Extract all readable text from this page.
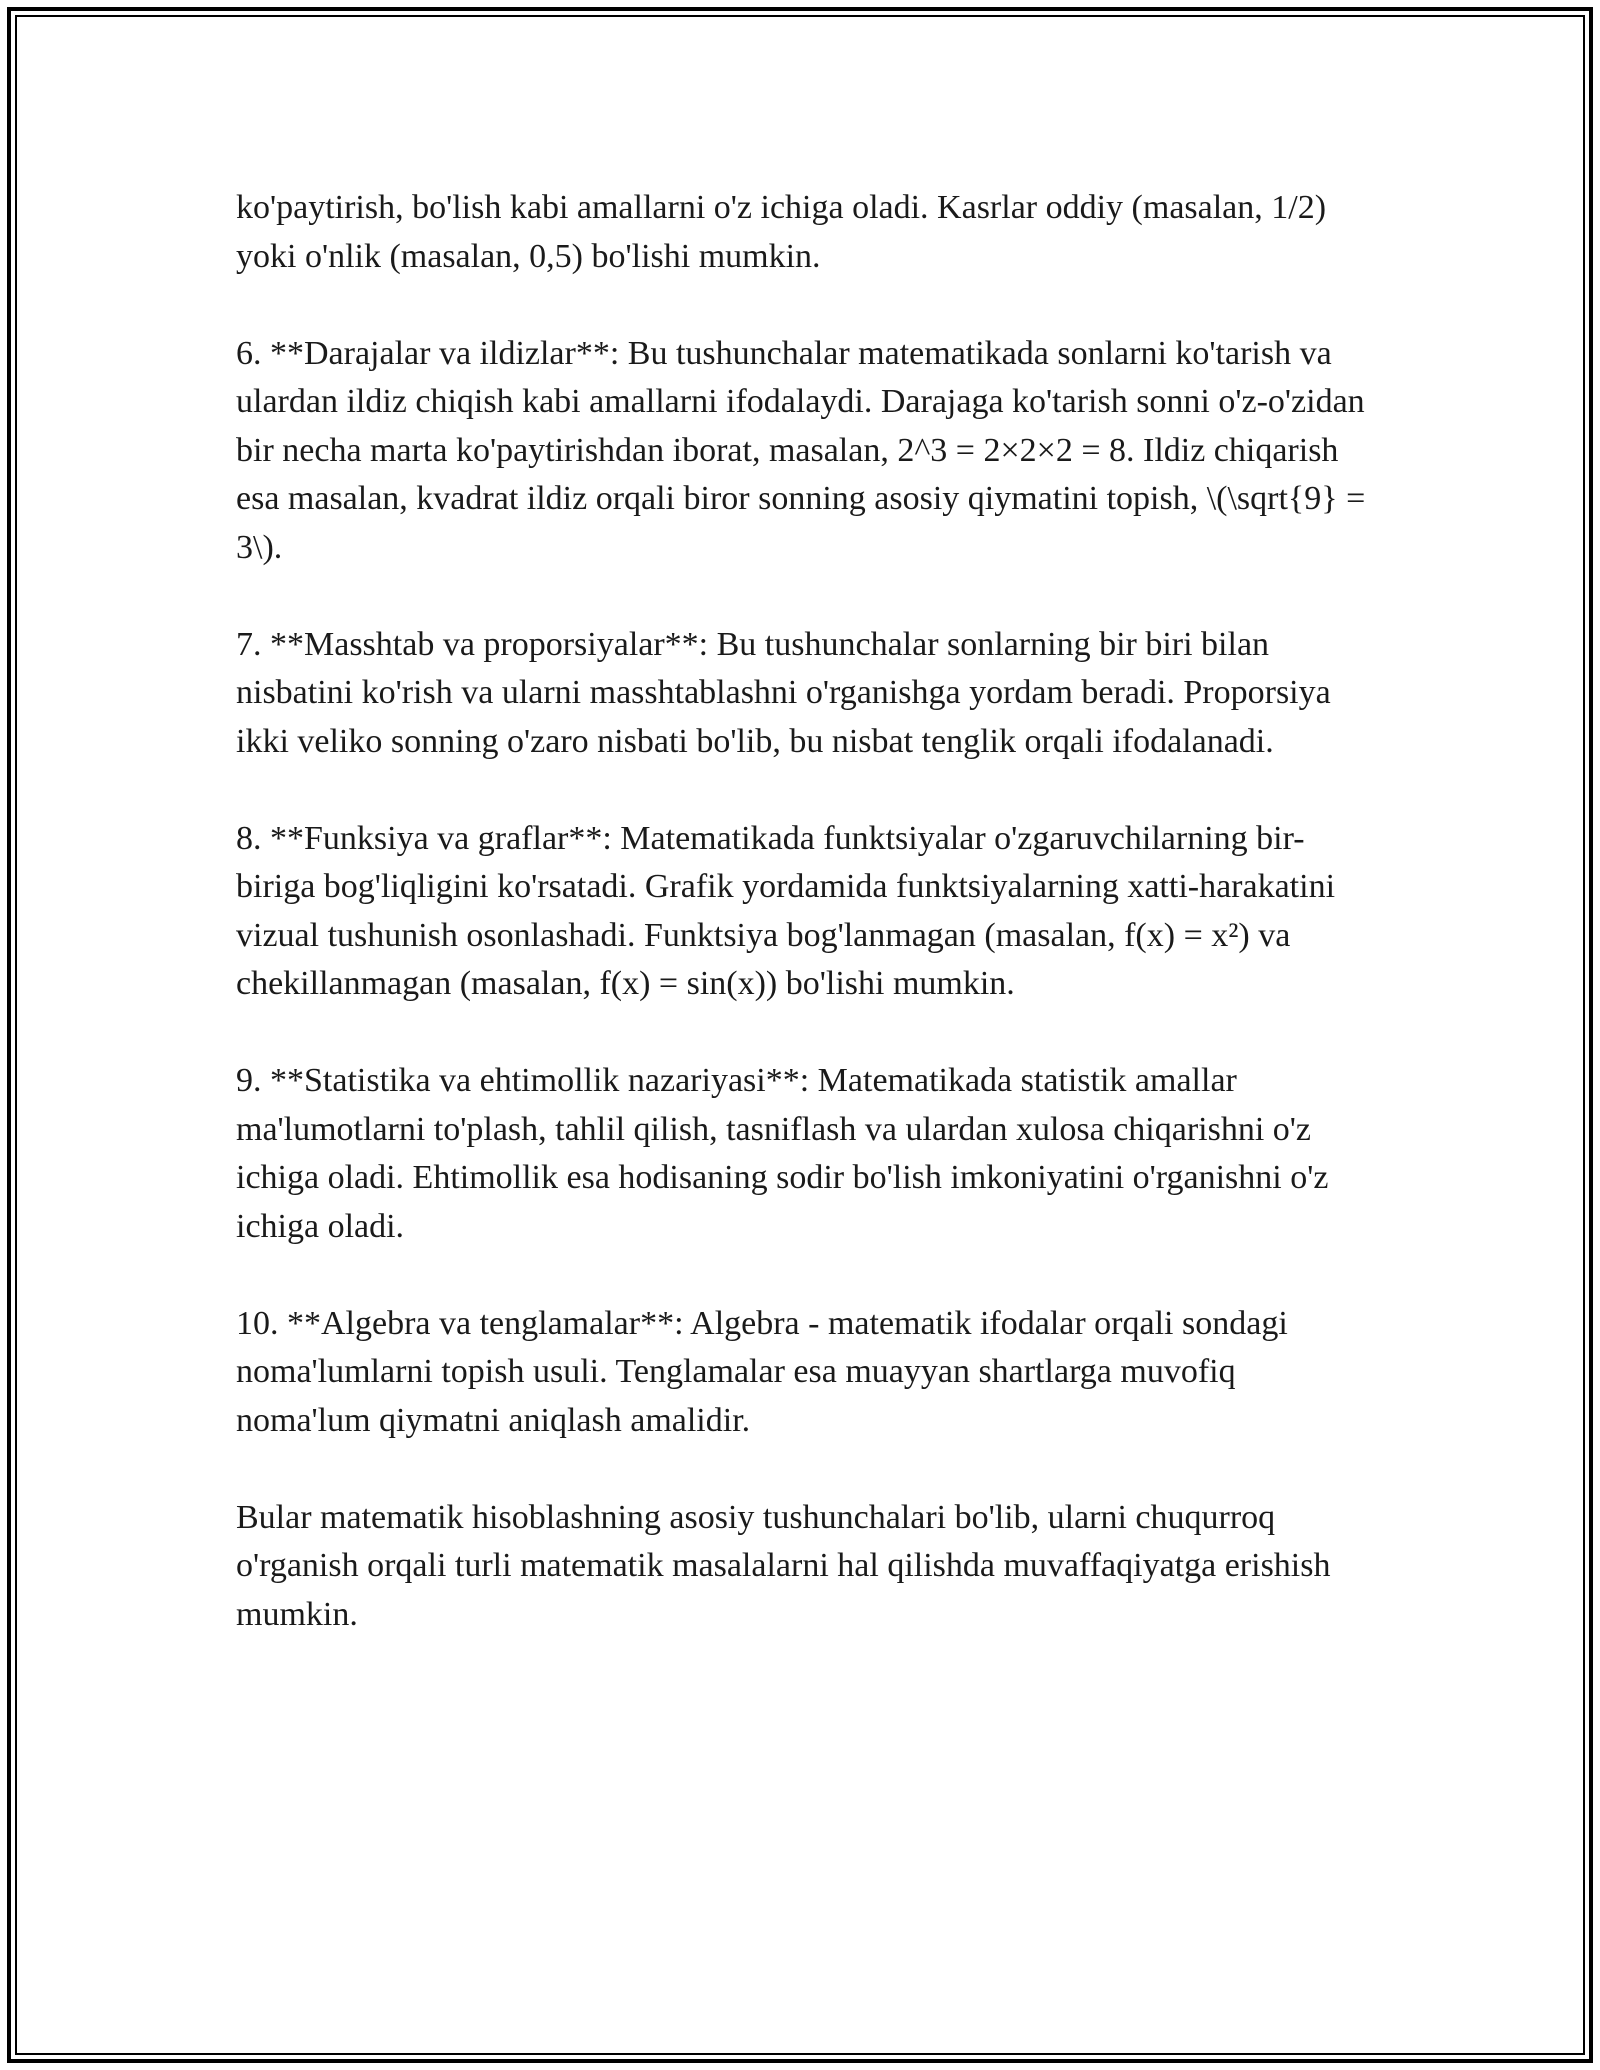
ko'paytirish, bo'lish kabi amallarni o'z ichiga oladi. Kasrlar oddiy (masalan, 1/2) yoki o'nlik (masalan, 0,5) bo'lishi mumkin.

6. **Darajalar va ildizlar**: Bu tushunchalar matematikada sonlarni ko'tarish va ulardan ildiz chiqish kabi amallarni ifodalaydi. Darajaga ko'tarish sonni o'z-o'zidan bir necha marta ko'paytirishdan iborat, masalan, 2^3 = 2×2×2 = 8. Ildiz chiqarish esa masalan, kvadrat ildiz orqali biror sonning asosiy qiymatini topish, \(\sqrt{9} = 3\).

7. **Masshtab va proporsiyalar**: Bu tushunchalar sonlarning bir biri bilan nisbatini ko'rish va ularni masshtablashni o'rganishga yordam beradi. Proporsiya ikki veliko sonning o'zaro nisbati bo'lib, bu nisbat tenglik orqali ifodalanadi.

8. **Funksiya va graflar**: Matematikada funktsiyalar o'zgaruvchilarning bir-biriga bog'liqligini ko'rsatadi. Grafik yordamida funktsiyalarning xatti-harakatini vizual tushunish osonlashadi. Funktsiya bog'lanmagan (masalan, f(x) = x²) va chekillanmagan (masalan, f(x) = sin(x)) bo'lishi mumkin.

9. **Statistika va ehtimollik nazariyasi**: Matematikada statistik amallar ma'lumotlarni to'plash, tahlil qilish, tasniflash va ulardan xulosa chiqarishni o'z ichiga oladi. Ehtimollik esa hodisaning sodir bo'lish imkoniyatini o'rganishni o'z ichiga oladi.

10. **Algebra va tenglamalar**: Algebra - matematik ifodalar orqali sondagi noma'lumlarni topish usuli. Tenglamalar esa muayyan shartlarga muvofiq noma'lum qiymatni aniqlash amalidir.

Bular matematik hisoblashning asosiy tushunchalari bo'lib, ularni chuqurroq o'rganish orqali turli matematik masalalarni hal qilishda muvaffaqiyatga erishish mumkin.
